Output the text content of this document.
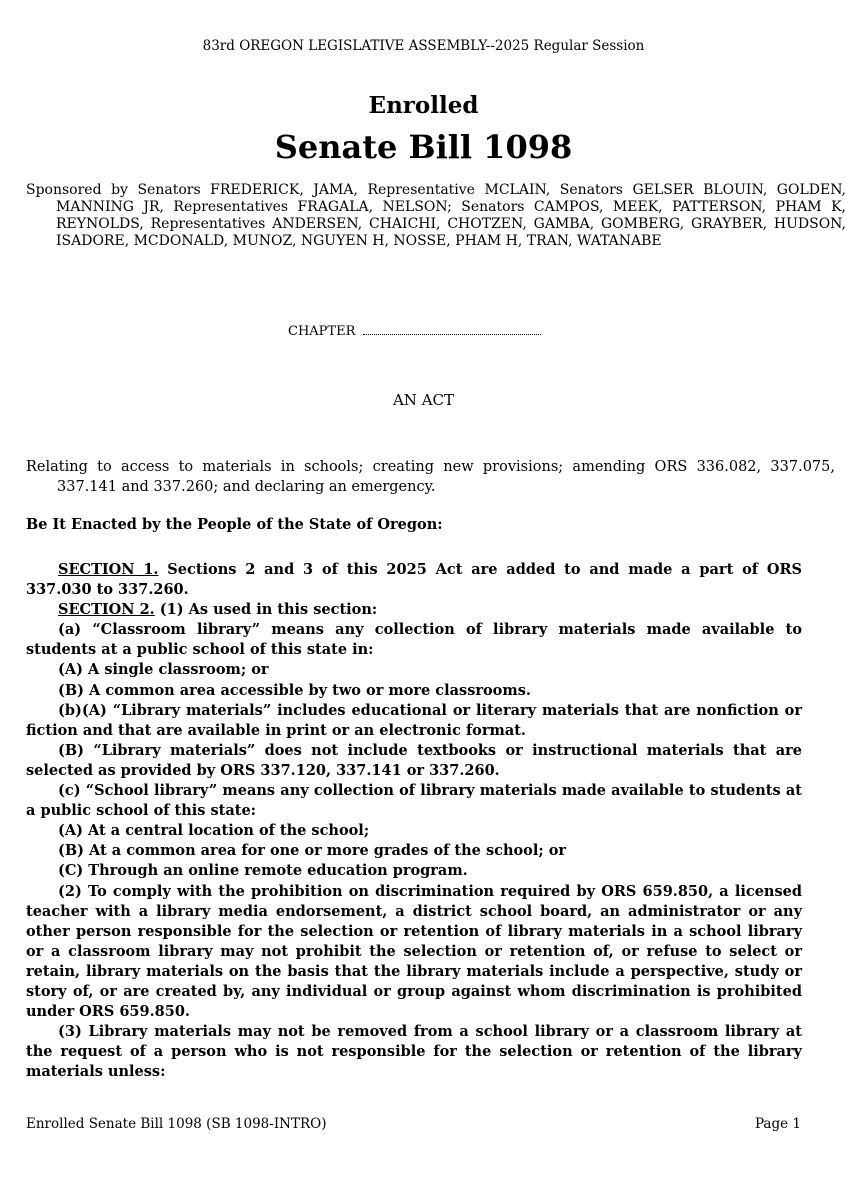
83rd OREGON LEGISLATIVE ASSEMBLY--2025 Regular Session
Enrolled
Senate Bill 1098
Sponsored by Senators FREDERICK, JAMA, Representative MCLAIN, Senators GELSER BLOUIN, GOLDEN, MANNING JR, Representatives FRAGALA, NELSON; Senators CAMPOS, MEEK, PATTERSON, PHAM K, REYNOLDS, Representatives ANDERSEN, CHAICHI, CHOTZEN, GAMBA, GOMBERG, GRAYBER, HUDSON, ISADORE, MCDONALD, MUNOZ, NGUYEN H, NOSSE, PHAM H, TRAN, WATANABE
CHAPTER
AN ACT
Relating to access to materials in schools; creating new provisions; amending ORS 336.082, 337.075, 337.141 and 337.260; and declaring an emergency.
Be It Enacted by the People of the State of Oregon:

SECTION 1. Sections 2 and 3 of this 2025 Act are added to and made a part of ORS 337.030 to 337.260.

SECTION 2. (1) As used in this section:

(a) “Classroom library” means any collection of library materials made available to students at a public school of this state in:

(A) A single classroom; or

(B) A common area accessible by two or more classrooms.

(b)(A) “Library materials” includes educational or literary materials that are nonfiction or fiction and that are available in print or an electronic format.

(B) “Library materials” does not include textbooks or instructional materials that are selected as provided by ORS 337.120, 337.141 or 337.260.

(c) “School library” means any collection of library materials made available to students at a public school of this state:

(A) At a central location of the school;

(B) At a common area for one or more grades of the school; or

(C) Through an online remote education program.

(2) To comply with the prohibition on discrimination required by ORS 659.850, a licensed teacher with a library media endorsement, a district school board, an administrator or any other person responsible for the selection or retention of library materials in a school library or a classroom library may not prohibit the selection or retention of, or refuse to select or retain, library materials on the basis that the library materials include a perspective, study or story of, or are created by, any individual or group against whom discrimination is prohibited under ORS 659.850.

(3) Library materials may not be removed from a school library or a classroom library at the request of a person who is not responsible for the selection or retention of the library materials unless:

Enrolled Senate Bill 1098 (SB 1098-INTRO)	Page 1
